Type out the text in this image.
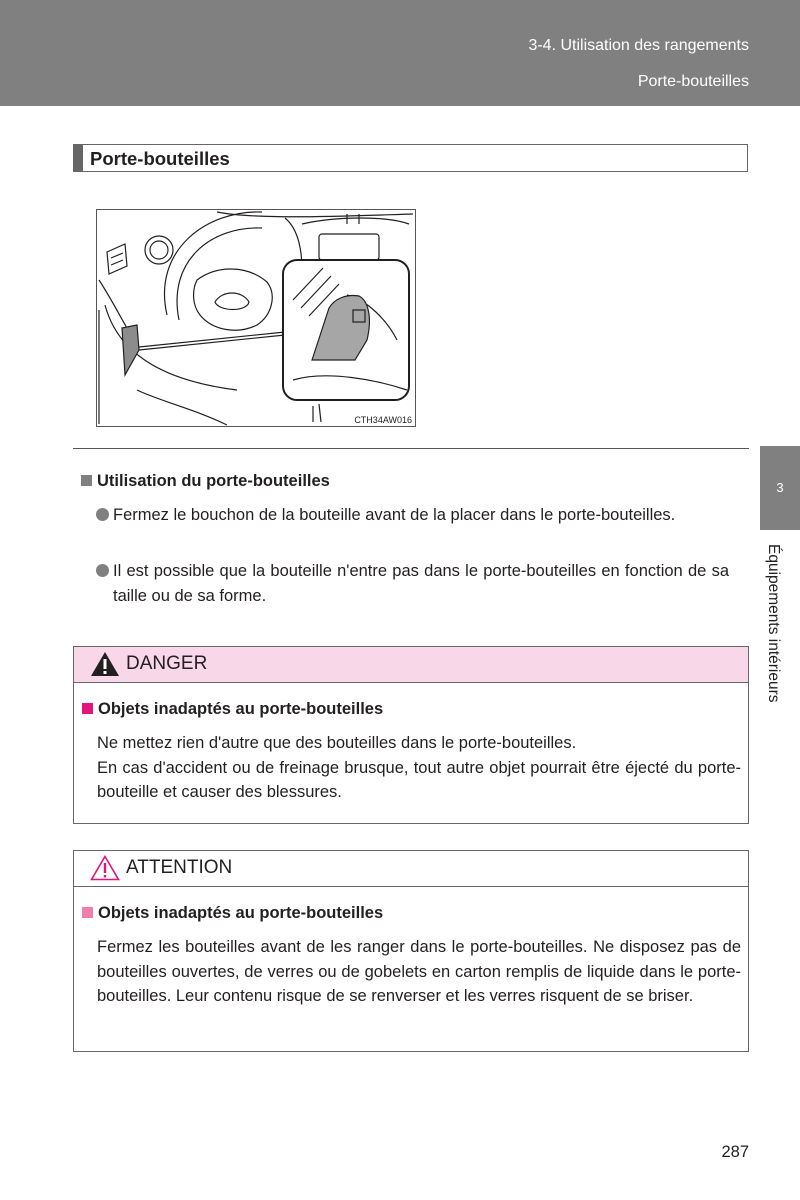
3-4. Utilisation des rangements
Porte-bouteilles
3
Équipements intérieurs
Porte-bouteilles
CTH34AW016
Utilisation du porte-bouteilles
Fermez le bouchon de la bouteille avant de la placer dans le porte-bouteilles.
Il est possible que la bouteille n'entre pas dans le porte-bouteilles en fonction de sa taille ou de sa forme.
DANGER
Objets inadaptés au porte-bouteilles
Ne mettez rien d'autre que des bouteilles dans le porte-bouteilles.
En cas d'accident ou de freinage brusque, tout autre objet pourrait être éjecté du porte-bouteille et causer des blessures.
ATTENTION
Objets inadaptés au porte-bouteilles
Fermez les bouteilles avant de les ranger dans le porte-bouteilles. Ne disposez pas de bouteilles ouvertes, de verres ou de gobelets en carton remplis de liquide dans le porte-bouteilles. Leur contenu risque de se renverser et les verres risquent de se briser.
287
